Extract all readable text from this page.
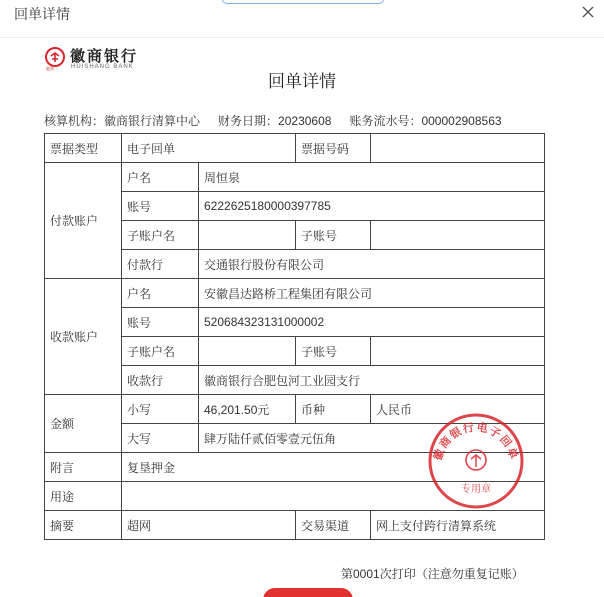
回单详情
徽商
徽商银行
HUISHANG BANK
回单详情
核算机构：徽商银行清算中心 财务日期：20230608 账务流水号：000002908563
票据类型	电子回单		票据号码	
付款账户	户名	周恒泉		
	账号	6222625180000397785		
	子账户名		子账号	
	付款行	交通银行股份有限公司		
收款账户	户名	安徽昌达路桥工程集团有限公司		
	账号	520684323131000002		
	子账户名		子账号	
	收款行	徽商银行合肥包河工业园支行		
金额	小写	46,201.50元	币种	人民币
	大写	肆万陆仟贰佰零壹元伍角		
附言	复垦押金			
用途				
摘要	超网		交易渠道	网上支付跨行清算系统
徽商银行电子回单
专用章
第0001次打印（注意勿重复记账）
